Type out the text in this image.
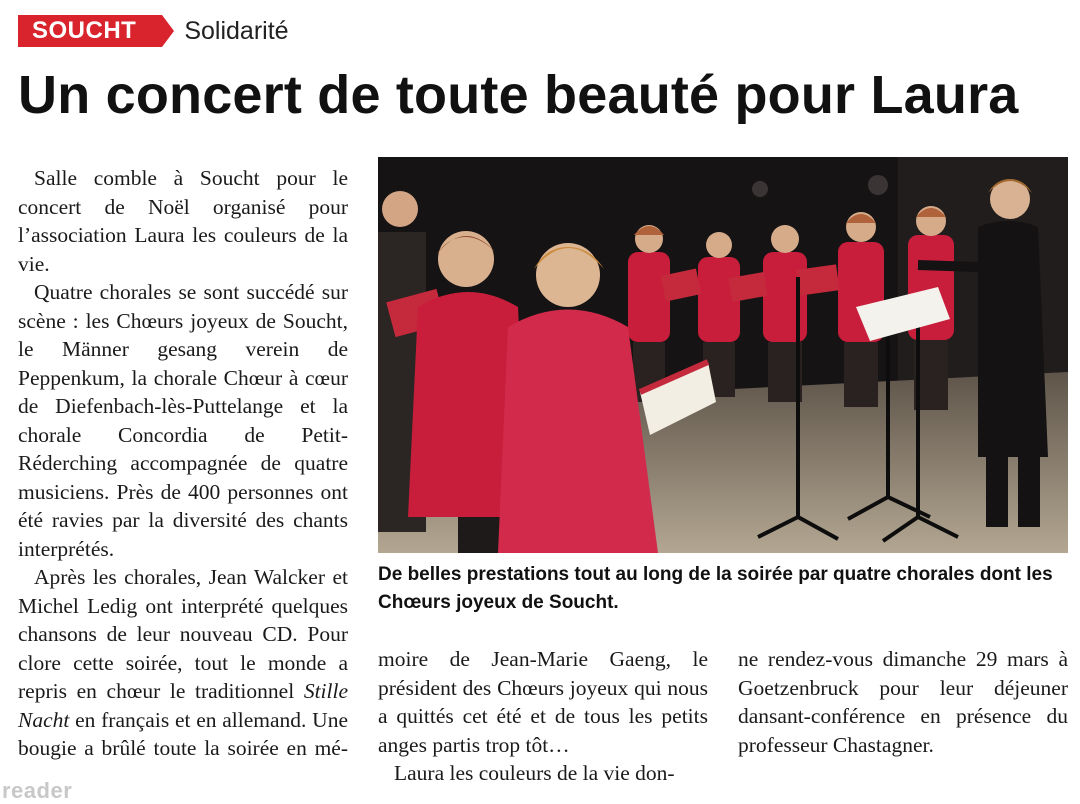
SOUCHT	Solidarité
Un concert de toute beauté pour Laura

Salle comble à Soucht pour le concert de Noël organisé pour l’association Laura les couleurs de la vie.

Quatre chorales se sont succédé sur scène : les Chœurs joyeux de Soucht, le Männer gesang verein de Peppenkum, la chorale Chœur à cœur de Diefenbach-lès-Puttelange et la chorale Concordia de Petit-Réderching accompagnée de quatre musiciens. Près de 400 personnes ont été ravies par la diversité des chants interprétés.

Après les chorales, Jean Walcker et Michel Ledig ont interprété quelques chansons de leur nouveau CD. Pour clore cette soirée, tout le monde a repris en chœur le traditionnel Stille Nacht en français et en allemand. Une bougie a brûlé toute la soirée en mé-

De belles prestations tout au long de la soirée par quatre chorales dont les Chœurs joyeux de Soucht.

moire de Jean-Marie Gaeng, le président des Chœurs joyeux qui nous a quittés cet été et de tous les petits anges partis trop tôt…

Laura les couleurs de la vie don-

ne rendez-vous dimanche 29 mars à Goetzenbruck pour leur déjeuner dansant-conférence en présence du professeur Chastagner.

reader
